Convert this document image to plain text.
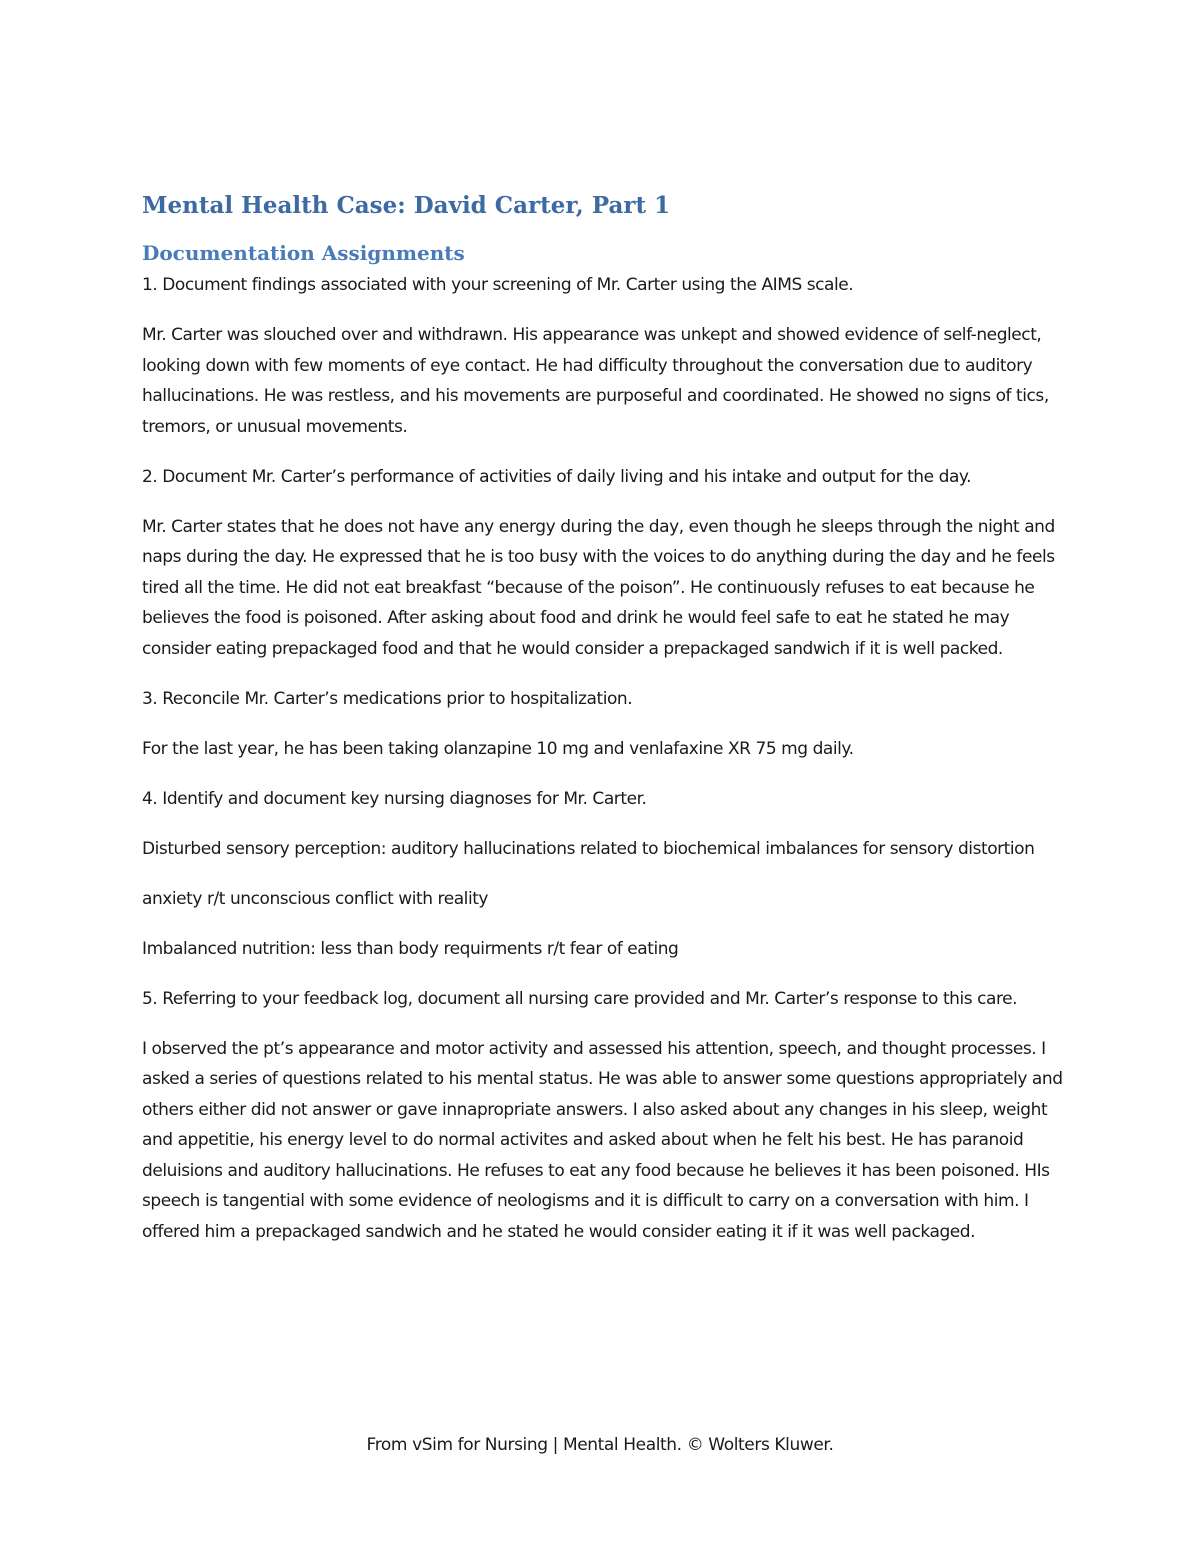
Mental Health Case: David Carter, Part 1
Documentation Assignments

1. Document findings associated with your screening of Mr. Carter using the AIMS scale.

Mr. Carter was slouched over and withdrawn. His appearance was unkept and showed evidence of self-neglect, looking down with few moments of eye contact. He had difficulty throughout the conversation due to auditory hallucinations. He was restless, and his movements are purposeful and coordinated. He showed no signs of tics, tremors, or unusual movements.

2. Document Mr. Carter’s performance of activities of daily living and his intake and output for the day.

Mr. Carter states that he does not have any energy during the day, even though he sleeps through the night and naps during the day. He expressed that he is too busy with the voices to do anything during the day and he feels tired all the time. He did not eat breakfast “because of the poison”. He continuously refuses to eat because he believes the food is poisoned. After asking about food and drink he would feel safe to eat he stated he may consider eating prepackaged food and that he would consider a prepackaged sandwich if it is well packed.

3. Reconcile Mr. Carter’s medications prior to hospitalization.

For the last year, he has been taking olanzapine 10 mg and venlafaxine XR 75 mg daily.

4. Identify and document key nursing diagnoses for Mr. Carter.

Disturbed sensory perception: auditory hallucinations related to biochemical imbalances for sensory distortion

anxiety r/t unconscious conflict with reality

Imbalanced nutrition: less than body requirments r/t fear of eating

5. Referring to your feedback log, document all nursing care provided and Mr. Carter’s response to this care.

I observed the pt’s appearance and motor activity and assessed his attention, speech, and thought processes. I asked a series of questions related to his mental status. He was able to answer some questions appropriately and others either did not answer or gave innapropriate answers. I also asked about any changes in his sleep, weight and appetitie, his energy level to do normal activites and asked about when he felt his best. He has paranoid deluisions and auditory hallucinations. He refuses to eat any food because he believes it has been poisoned. HIs speech is tangential with some evidence of neologisms and it is difficult to carry on a conversation with him. I offered him a prepackaged sandwich and he stated he would consider eating it if it was well packaged.

From vSim for Nursing | Mental Health. © Wolters Kluwer.
